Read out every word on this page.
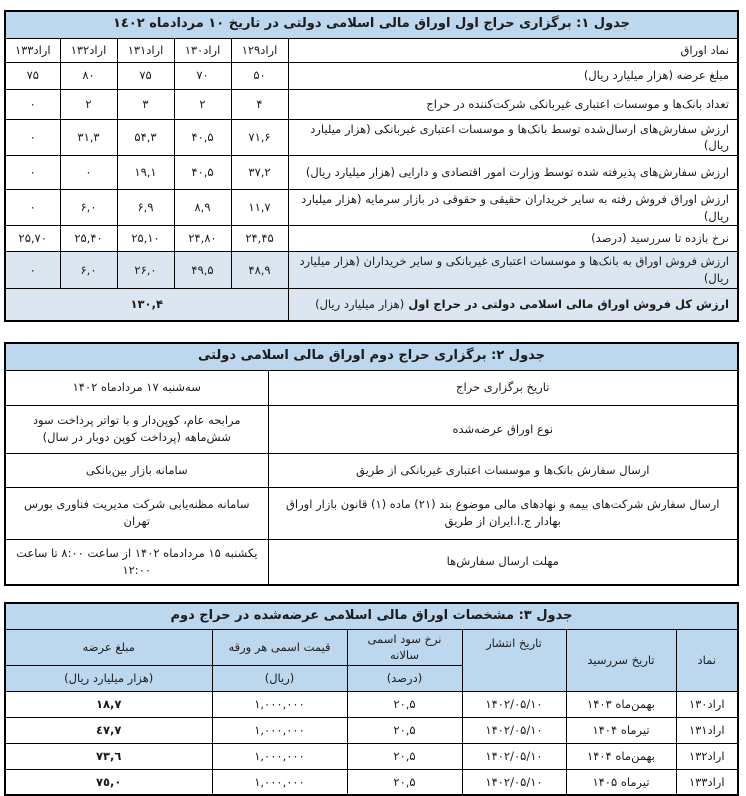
جدول ۱: برگزاری حراج اول اوراق مالی اسلامی دولتی در تاریخ ۱۰ مردادماه ۱٤۰۲					
نماد اوراق	اراد۱۲۹	اراد۱۳۰	اراد۱۳۱	اراد۱۳۲	اراد۱۳۳
مبلغ عرضه (هزار میلیارد ریال)	۵۰	۷۰	۷۵	۸۰	۷۵
تعداد بانک‌ها و موسسات اعتباری غیربانکی شرکت‌کننده در حراج	۴	۲	۳	۲	۰
ارزش سفارش‌های ارسال‌شده توسط بانک‌ها و موسسات اعتباری غیربانکی (هزار میلیارد ریال)	۷۱,۶	۴۰,۵	۵۴,۳	۳۱,۳	۰
ارزش سفارش‌های پذیرفته شده توسط وزارت امور اقتصادی و دارایی (هزار میلیارد ریال)	۳۷,۲	۴۰,۵	۱۹,۱	۰	۰
ارزش اوراق فروش رفته به سایر خریداران حقیقی و حقوقی در بازار سرمایه (هزار میلیارد ریال)	۱۱,۷	۸,۹	۶,۹	۶,۰	۰
نرخ بازده تا سررسید (درصد)	۲۴,۴۵	۲۴,۸۰	۲۵,۱۰	۲۵,۴۰	۲۵,۷۰
ارزش فروش اوراق به بانک‌ها و موسسات اعتباری غیربانکی و سایر خریداران (هزار میلیارد ریال)	۴۸,۹	۴۹,۵	۲۶,۰	۶,۰	۰
ارزش کل فروش اوراق مالی اسلامی دولتی در حراج اول (هزار میلیارد ریال)	۱۳۰,۴				
جدول ۲: برگزاری حراج دوم اوراق مالی اسلامی دولتی	
تاریخ برگزاری حراج	سه‌شنبه ۱۷ مردادماه ۱۴۰۲
نوع اوراق عرضه‌شده	مرابحه عام، کوپن‌دار و با تواتر پرداخت سود شش‌ماهه (پرداخت کوپن دوبار در سال)
ارسال سفارش بانک‌ها و موسسات اعتباری غیربانکی از طریق	سامانه بازار بین‌بانکی
ارسال سفارش شرکت‌های بیمه و نهادهای مالی موضوع بند (۲۱) ماده (۱) قانون بازار اوراق بهادار ج.ا.ایران از طریق	سامانه مظنه‌یابی شرکت مدیریت فناوری بورس تهران
مهلت ارسال سفارش‌ها	یکشنبه ۱۵ مردادماه ۱۴۰۲ از ساعت ۸:۰۰ تا ساعت ۱۲:۰۰
جدول ۳: مشخصات اوراق مالی اسلامی عرضه‌شده در حراج دوم					
نماد	تاریخ سررسید	تاریخ انتشار	نرخ سود اسمی سالانه	قیمت اسمی هر ورقه	مبلغ عرضه
			(درصد)	(ریال)	(هزار میلیارد ریال)
اراد۱۳۰	بهمن‌ماه ۱۴۰۳	۱۴۰۲/۰۵/۱۰	۲۰,۵	۱,۰۰۰,۰۰۰	۱۸,۷
اراد۱۳۱	تیرماه ۱۴۰۴	۱۴۰۲/۰۵/۱۰	۲۰,۵	۱,۰۰۰,۰۰۰	٤٧,٧
اراد۱۳۲	بهمن‌ماه ۱۴۰۴	۱۴۰۲/۰۵/۱۰	۲۰,۵	۱,۰۰۰,۰۰۰	٧٣,٦
اراد۱۳۳	تیرماه ۱۴۰۵	۱۴۰۲/۰۵/۱۰	۲۰,۵	۱,۰۰۰,۰۰۰	٧٥,٠
